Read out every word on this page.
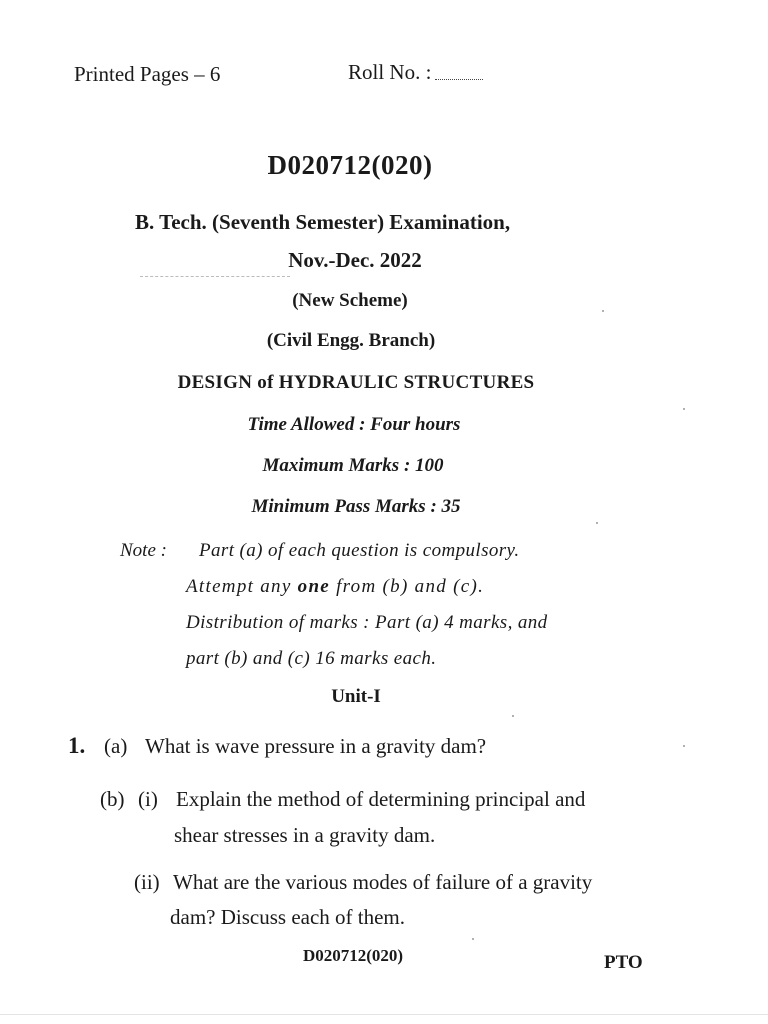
Printed Pages – 6	Roll No. :
D020712(020)
B. Tech. (Seventh Semester) Examination,
Nov.-Dec. 2022
(New Scheme)
(Civil Engg. Branch)
DESIGN of HYDRAULIC STRUCTURES
Time Allowed : Four hours
Maximum Marks : 100
Minimum Pass Marks : 35
Note : Part (a) of each question is compulsory.
Attempt any one from (b) and (c).
Distribution of marks : Part (a) 4 marks, and
part (b) and (c) 16 marks each.
Unit-I
1. (a) What is wave pressure in a gravity dam?
(b) (i) Explain the method of determining principal and
shear stresses in a gravity dam.
(ii) What are the various modes of failure of a gravity
dam? Discuss each of them.
D020712(020)	PTO
